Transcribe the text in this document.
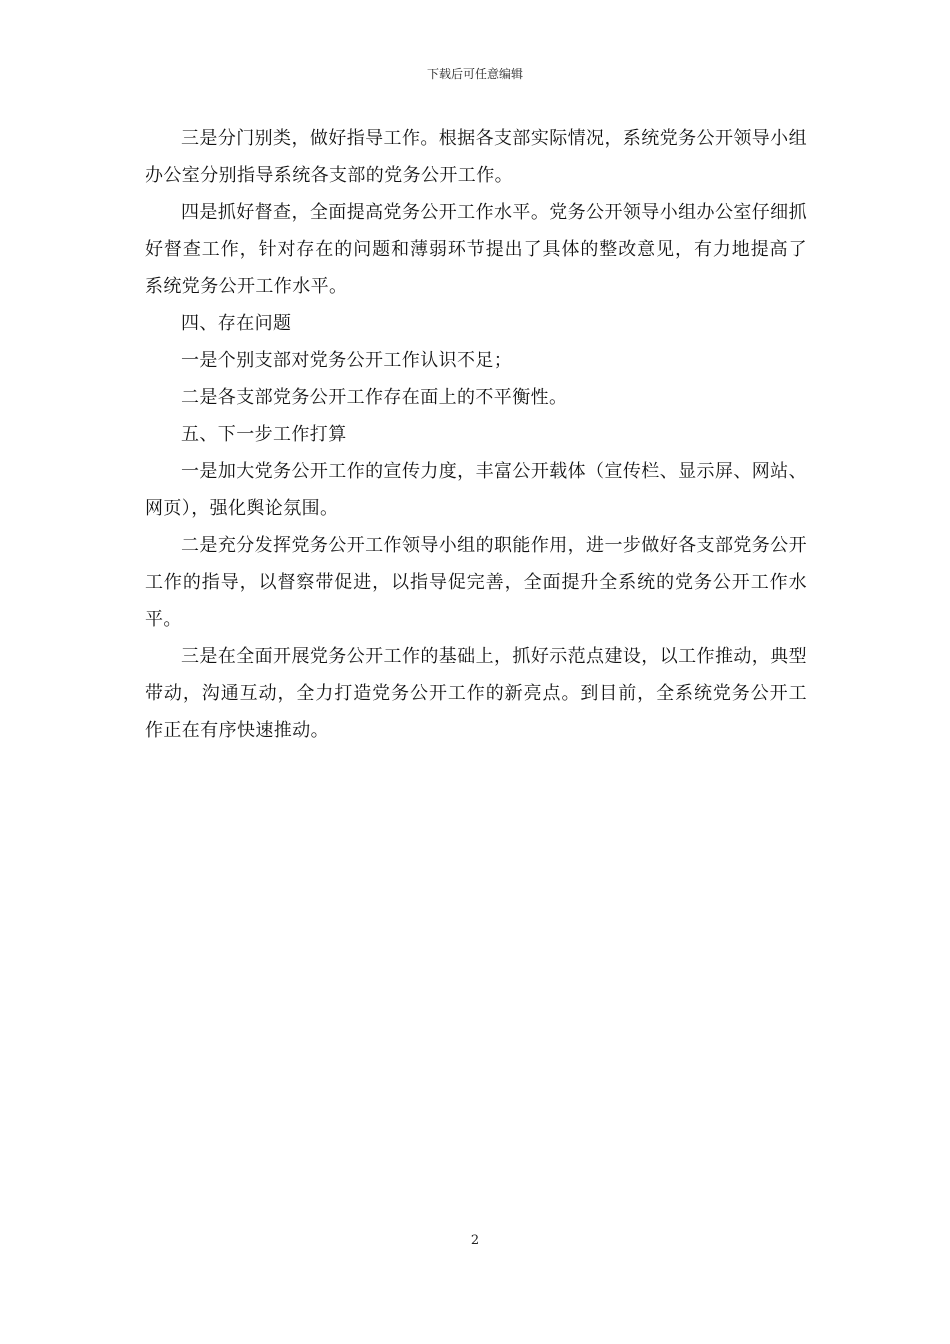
下载后可任意编辑

三是分门别类，做好指导工作。根据各支部实际情况，系统党务公开领导小组办公室分别指导系统各支部的党务公开工作。

四是抓好督查，全面提高党务公开工作水平。党务公开领导小组办公室仔细抓好督查工作，针对存在的问题和薄弱环节提出了具体的整改意见，有力地提高了系统党务公开工作水平。

四、存在问题

一是个别支部对党务公开工作认识不足；

二是各支部党务公开工作存在面上的不平衡性。

五、下一步工作打算

一是加大党务公开工作的宣传力度，丰富公开载体（宣传栏、显示屏、网站、网页），强化舆论氛围。

二是充分发挥党务公开工作领导小组的职能作用，进一步做好各支部党务公开工作的指导，以督察带促进，以指导促完善，全面提升全系统的党务公开工作水平。

三是在全面开展党务公开工作的基础上，抓好示范点建设，以工作推动，典型带动，沟通互动，全力打造党务公开工作的新亮点。到目前，全系统党务公开工作正在有序快速推动。

2
